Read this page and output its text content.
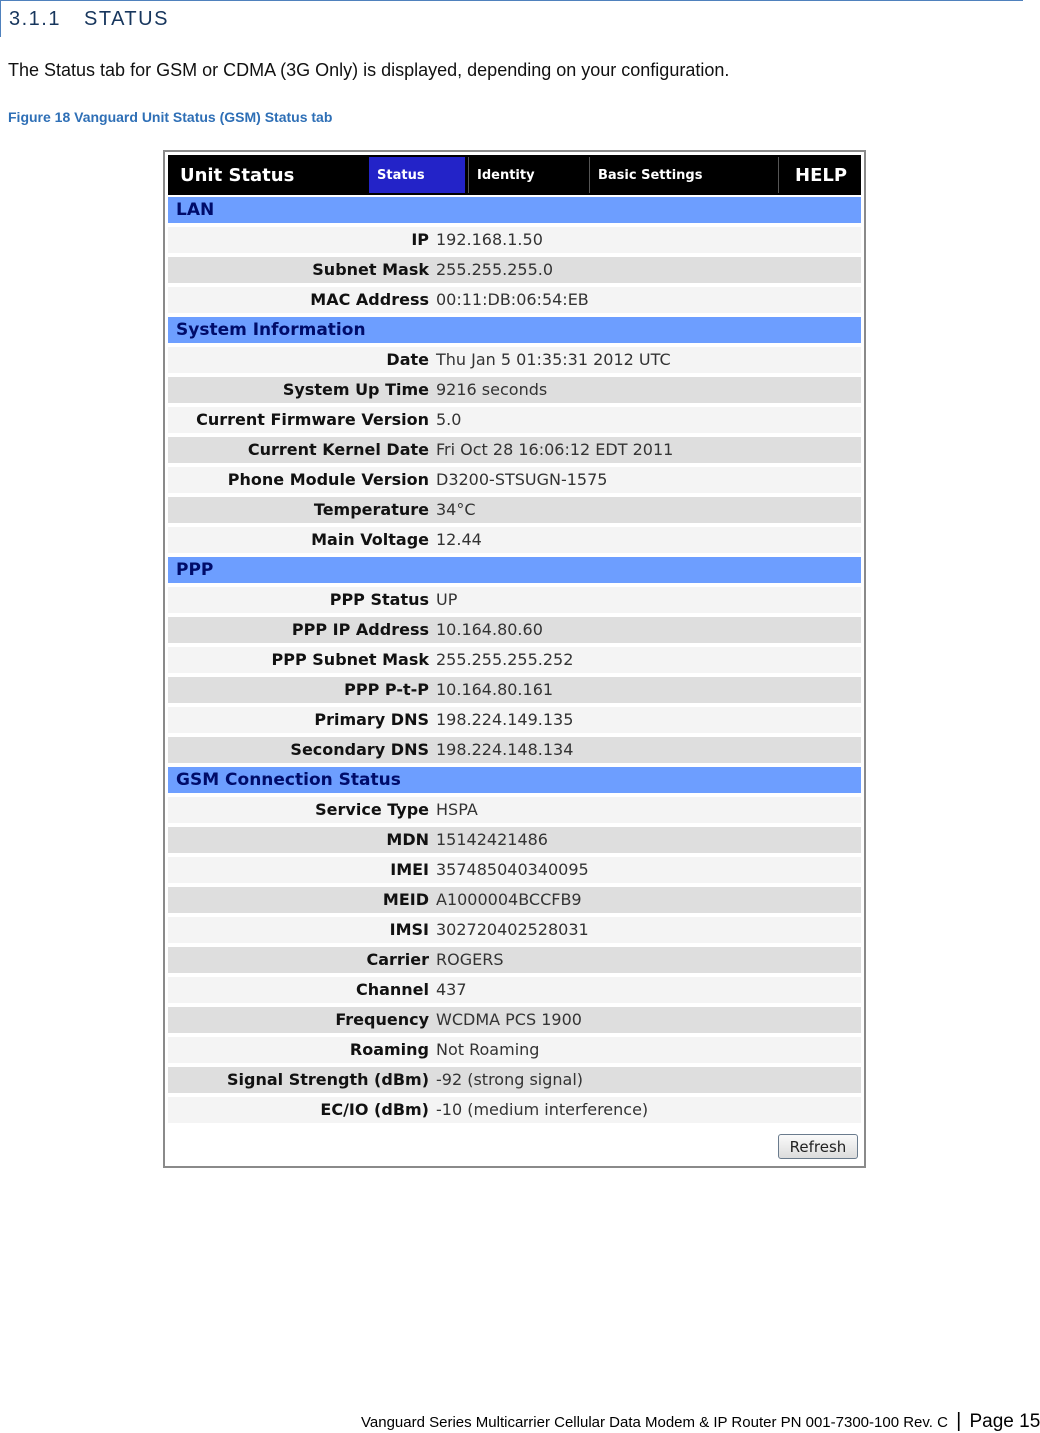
3.1.1 STATUS
The Status tab for GSM or CDMA (3G Only) is displayed, depending on your configuration.
Figure 18 Vanguard Unit Status (GSM) Status tab
Unit Status	Status	Identity	Basic Settings	HELP
LAN
IP 192.168.1.50
Subnet Mask 255.255.255.0
MAC Address 00:11:DB:06:54:EB
System Information
Date Thu Jan 5 01:35:31 2012 UTC
System Up Time 9216 seconds
Current Firmware Version 5.0
Current Kernel Date Fri Oct 28 16:06:12 EDT 2011
Phone Module Version D3200-STSUGN-1575
Temperature 34°C
Main Voltage 12.44
PPP
PPP Status UP
PPP IP Address 10.164.80.60
PPP Subnet Mask 255.255.255.252
PPP P-t-P 10.164.80.161
Primary DNS 198.224.149.135
Secondary DNS 198.224.148.134
GSM Connection Status
Service Type HSPA
MDN 15142421486
IMEI 357485040340095
MEID A1000004BCCFB9
IMSI 302720402528031
Carrier ROGERS
Channel 437
Frequency WCDMA PCS 1900
Roaming Not Roaming
Signal Strength (dBm) -92 (strong signal)
EC/IO (dBm) -10 (medium interference)
Refresh
Vanguard Series Multicarrier Cellular Data Modem & IP Router PN 001-7300-100 Rev. C | Page 15
